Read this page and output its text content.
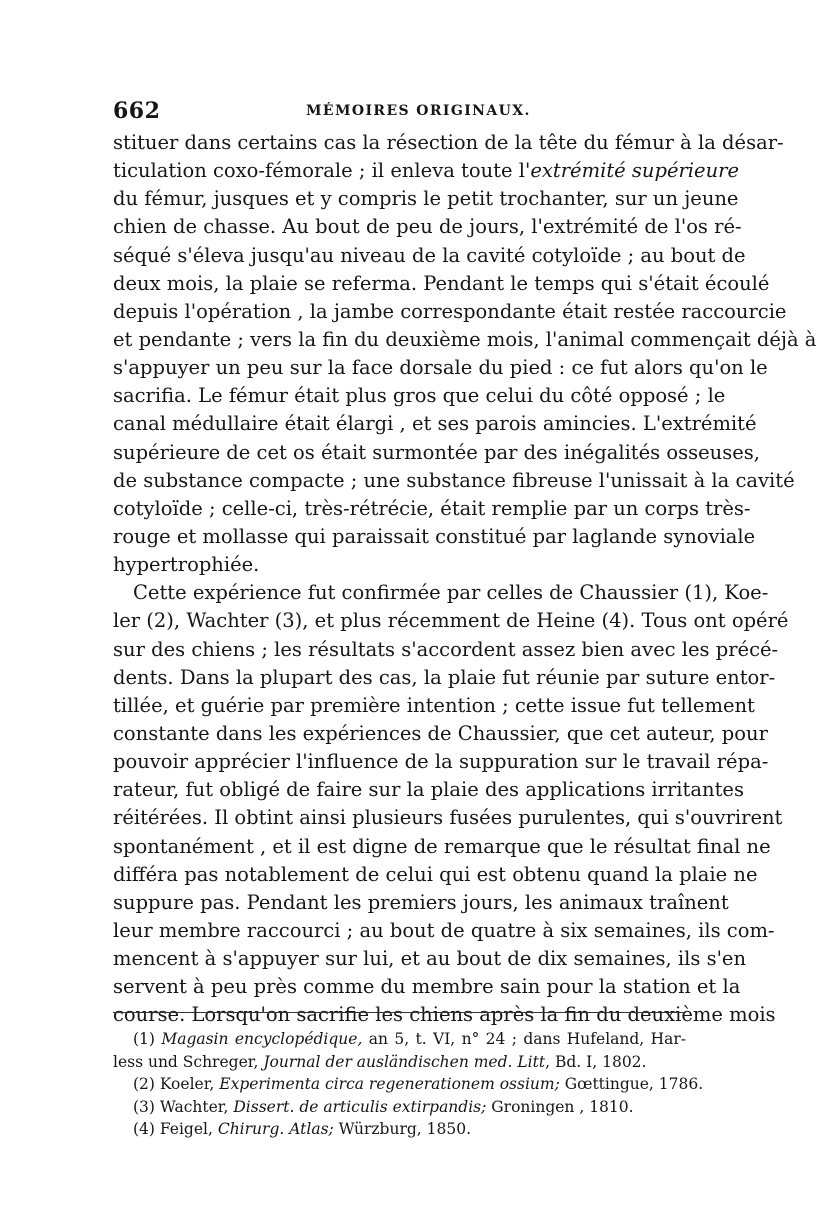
662	MÉMOIRES ORIGINAUX.
stituer dans certains cas la résection de la tête du fémur à la désar-
ticulation coxo-fémorale ; il enleva toute l'extrémité supérieure
du fémur, jusques et y compris le petit trochanter, sur un jeune
chien de chasse. Au bout de peu de jours, l'extrémité de l'os ré-
séqué s'éleva jusqu'au niveau de la cavité cotyloïde ; au bout de
deux mois, la plaie se referma. Pendant le temps qui s'était écoulé
depuis l'opération , la jambe correspondante était restée raccourcie
et pendante ; vers la fin du deuxième mois, l'animal commençait déjà à
s'appuyer un peu sur la face dorsale du pied : ce fut alors qu'on le
sacrifia. Le fémur était plus gros que celui du côté opposé ; le
canal médullaire était élargi , et ses parois amincies. L'extrémité
supérieure de cet os était surmontée par des inégalités osseuses,
de substance compacte ; une substance fibreuse l'unissait à la cavité
cotyloïde ; celle-ci, très-rétrécie, était remplie par un corps très-
rouge et mollasse qui paraissait constitué par laglande synoviale
hypertrophiée.
Cette expérience fut confirmée par celles de Chaussier (1), Koe-
ler (2), Wachter (3), et plus récemment de Heine (4). Tous ont opéré
sur des chiens ; les résultats s'accordent assez bien avec les précé-
dents. Dans la plupart des cas, la plaie fut réunie par suture entor-
tillée, et guérie par première intention ; cette issue fut tellement
constante dans les expériences de Chaussier, que cet auteur, pour
pouvoir apprécier l'influence de la suppuration sur le travail répa-
rateur, fut obligé de faire sur la plaie des applications irritantes
réitérées. Il obtint ainsi plusieurs fusées purulentes, qui s'ouvrirent
spontanément , et il est digne de remarque que le résultat final ne
différa pas notablement de celui qui est obtenu quand la plaie ne
suppure pas. Pendant les premiers jours, les animaux traînent
leur membre raccourci ; au bout de quatre à six semaines, ils com-
mencent à s'appuyer sur lui, et au bout de dix semaines, ils s'en
servent à peu près comme du membre sain pour la station et la
course. Lorsqu'on sacrifie les chiens après la fin du deuxième mois
(1) Magasin encyclopédique, an 5, t. VI, n° 24 ; dans Hufeland, Har-
less und Schreger, Journal der ausländischen med. Litt, Bd. I, 1802.
(2) Koeler, Experimenta circa regenerationem ossium; Gœttingue, 1786.
(3) Wachter, Dissert. de articulis extirpandis; Groningen , 1810.
(4) Feigel, Chirurg. Atlas; Würzburg, 1850.
